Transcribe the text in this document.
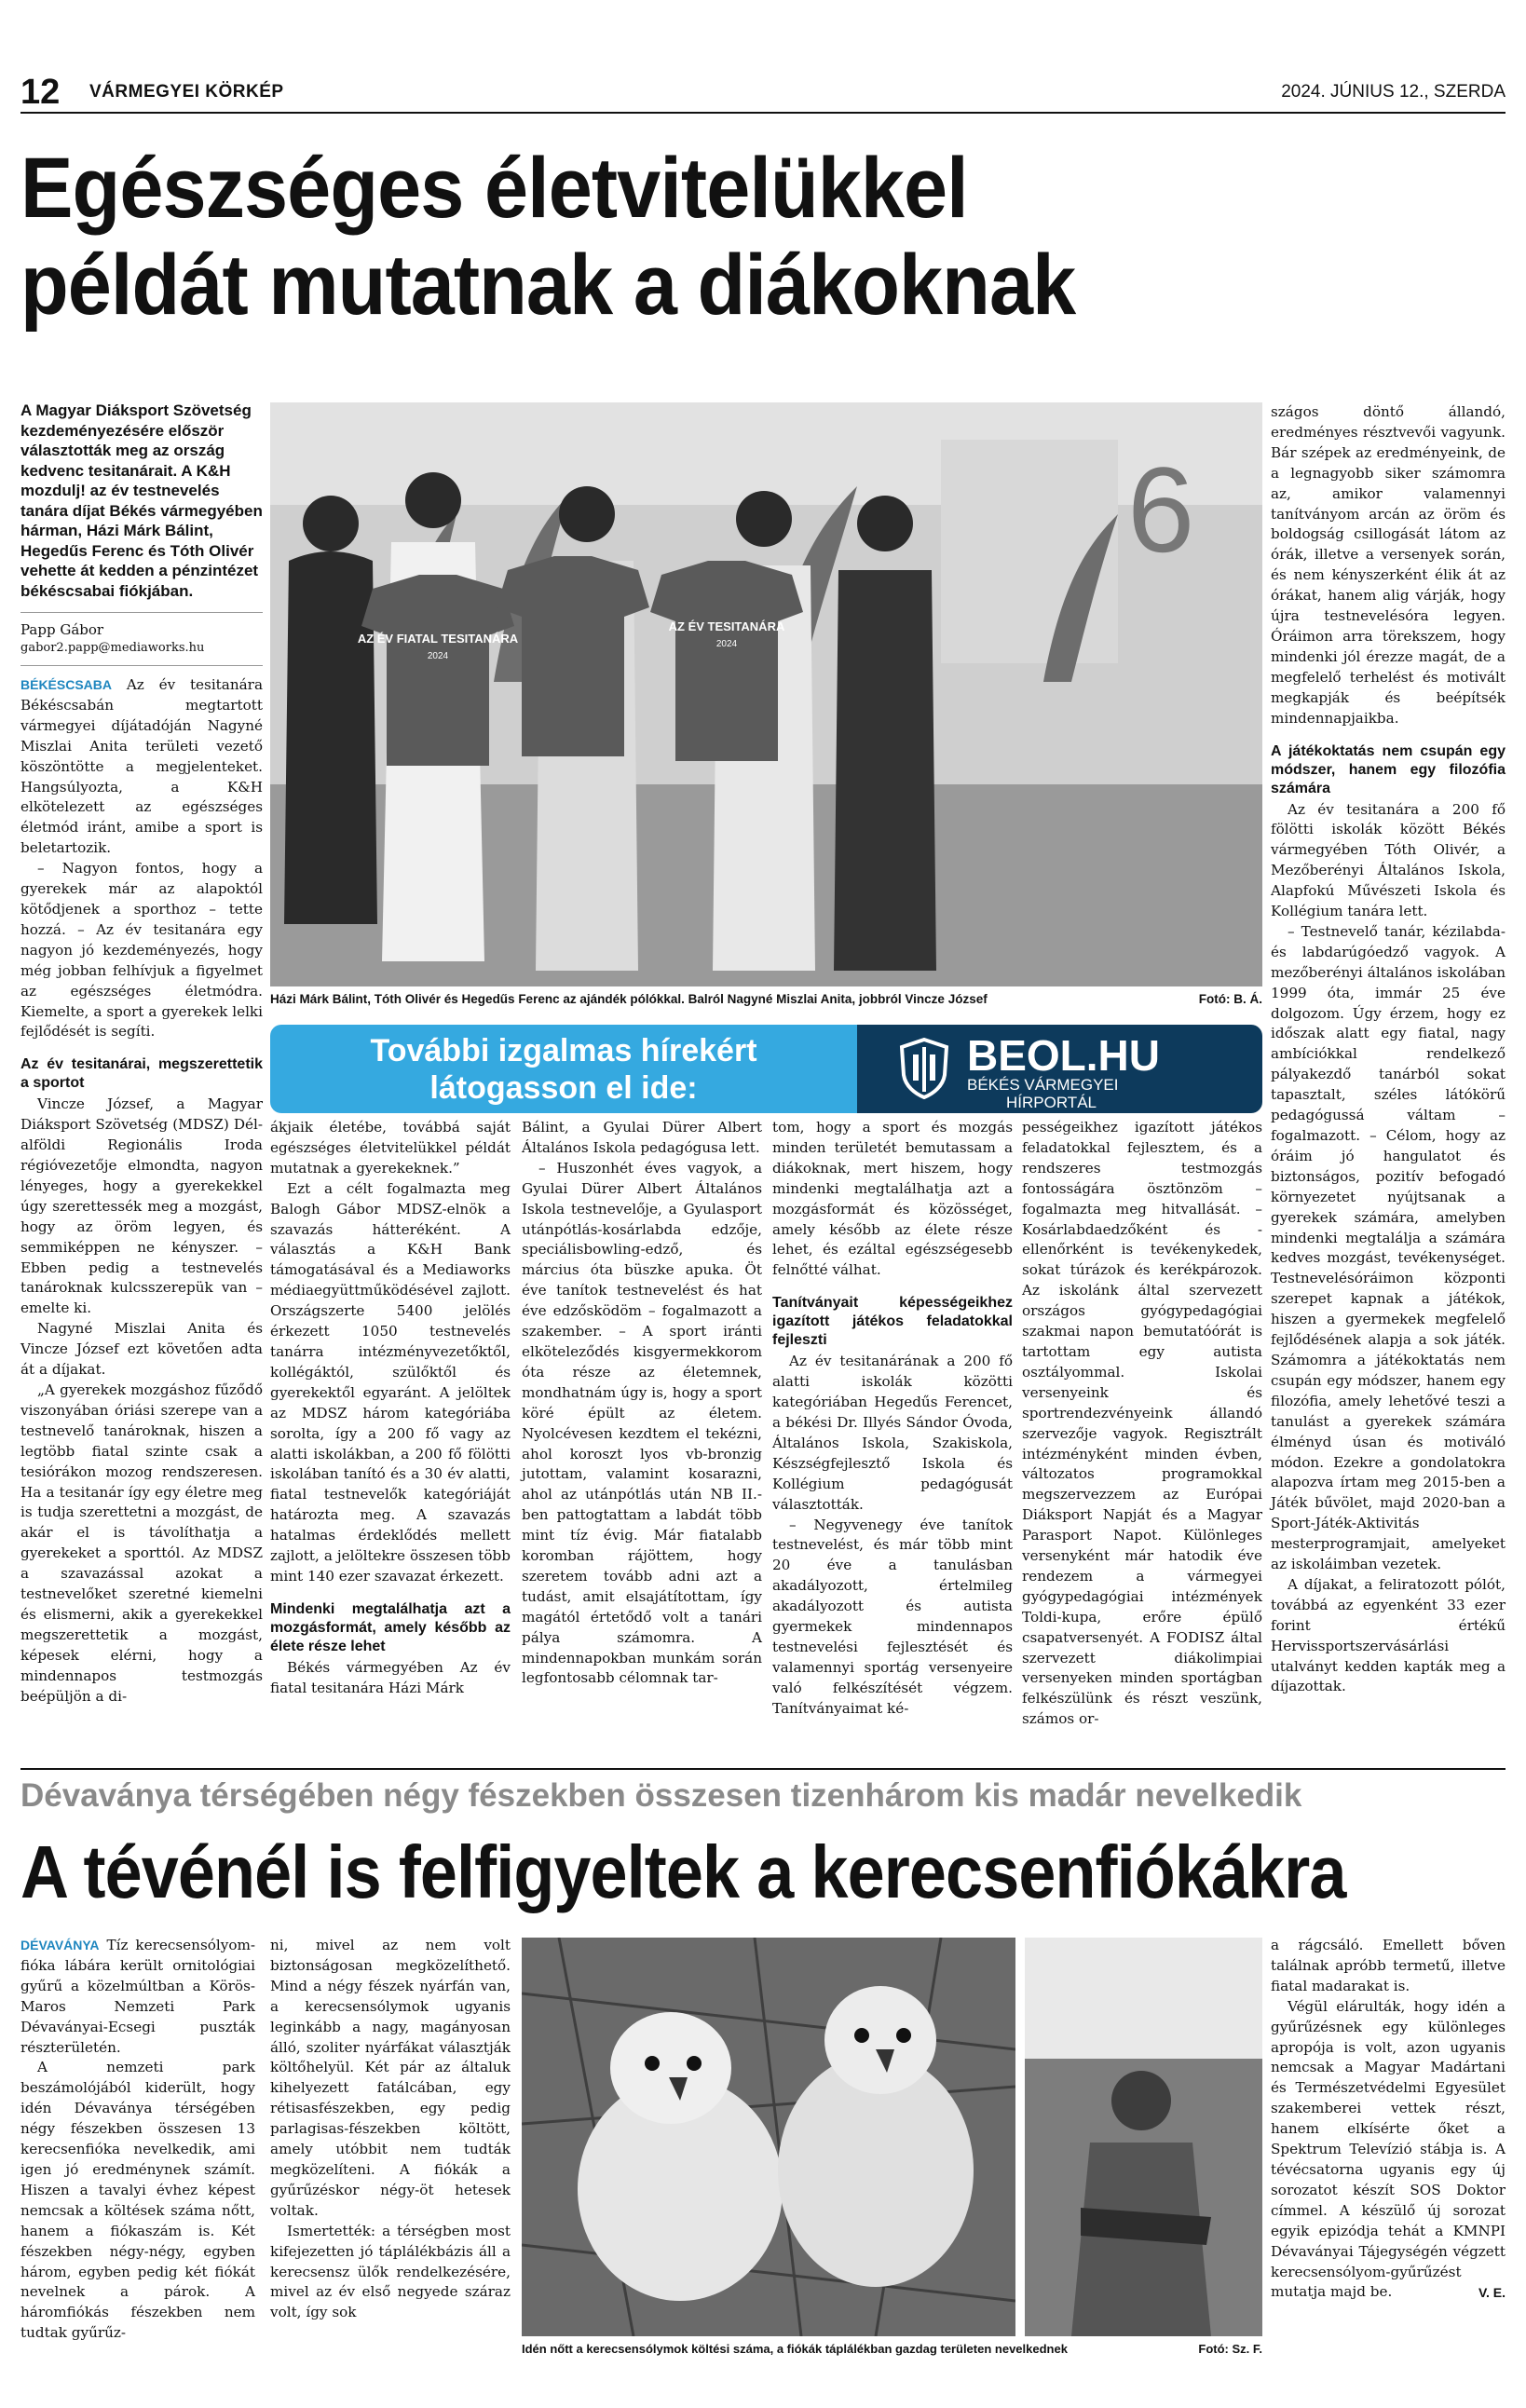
12 VÁRMEGYEI KÖRKÉP	2024. JÚNIUS 12., SZERDA
Egészséges életvitelükkel
példát mutatnak a diákoknak
A Magyar Diáksport Szövetség kezdeményezésére először választották meg az ország kedvenc tesitanárait. A K&H mozdulj! az év testnevelés tanára díjat Békés vármegyében hárman, Házi Márk Bálint, Hegedűs Ferenc és Tóth Olivér vehette át kedden a pénzintézet békéscsabai fiókjában.
Papp Gábor
gabor2.papp@mediaworks.hu

BÉKÉSCSABA Az év tesitanára Békéscsabán megtartott vármegyei díjátadóján Nagyné Miszlai Anita területi vezető köszöntötte a megjelenteket. Hangsúlyozta, a K&H elkötelezett az egészséges életmód iránt, amibe a sport is beletartozik.

– Nagyon fontos, hogy a gyerekek már az alapoktól kötődjenek a sporthoz – tette hozzá. – Az év tesitanára egy nagyon jó kezdeményezés, hogy még jobban felhívjuk a figyelmet az egészséges életmódra. Kiemelte, a sport a gyerekek lelki fejlődését is segíti.

Az év tesitanárai, megszerettetik a sportot

Vincze József, a Magyar Diáksport Szövetség (MDSZ) Dél-alföldi Regionális Iroda régióvezetője elmondta, nagyon lényeges, hogy a gyerekekkel úgy szerettessék meg a mozgást, hogy az öröm legyen, és semmiképpen ne kényszer. – Ebben pedig a testnevelés tanároknak kulcsszerepük van – emelte ki.

Nagyné Miszlai Anita és Vincze József ezt követően adta át a díjakat.

„A gyerekek mozgáshoz fűződő viszonyában óriási szerepe van a testnevelő tanároknak, hiszen a legtöbb fiatal szinte csak a tesiórákon mozog rendszeresen. Ha a tesitanár így egy életre meg is tudja szerettetni a mozgást, de akár el is távolíthatja a gyerekeket a sporttól. Az MDSZ a szavazással azokat a testnevelőket szeretné kiemelni és elismerni, akik a gyerekekkel megszerettetik a mozgást, képesek elérni, hogy a mindennapos testmozgás beépüljön a di-

6
AZ ÉV FIATAL TESITANÁRA
2024
AZ ÉV TESITANÁRA
2024
Házi Márk Bálint, Tóth Olivér és Hegedűs Ferenc az ajándék pólókkal. Balról Nagyné Miszlai Anita, jobbról Vincze József	Fotó: B. Á.
További izgalmas hírekért
látogasson el ide:
BEOL.HU
BÉKÉS VÁRMEGYEI
HÍRPORTÁL

ákjaik életébe, továbbá saját egészséges életvitelükkel példát mutatnak a gyerekeknek.”

Ezt a célt fogalmazta meg Balogh Gábor MDSZ-elnök a szavazás hátteréként. A választás a K&H Bank támogatásával és a Mediaworks médiaegyüttműködésével zajlott. Országszerte 5400 jelölés érkezett 1050 testnevelés tanárra intézményvezetőktől, kollégáktól, szülőktől és gyerekektől egyaránt. A jelöltek az MDSZ három kategóriába sorolta, így a 200 fő vagy az alatti iskolákban, a 200 fő fölötti iskolában tanító és a 30 év alatti, fiatal testnevelők kategóriáját határozta meg. A szavazás hatalmas érdeklődés mellett zajlott, a jelöltekre összesen több mint 140 ezer szavazat érkezett.

Mindenki megtalálhatja azt a mozgásformát, amely később az élete része lehet

Békés vármegyében Az év fiatal tesitanára Házi Márk

Bálint, a Gyulai Dürer Albert Általános Iskola pedagógusa lett.

– Huszonhét éves vagyok, a Gyulai Dürer Albert Általános Iskola testnevelője, a Gyulasport utánpótlás-kosárlabda edzője, speciálisbowling-edző, és március óta büszke apuka. Öt éve tanítok testnevelést és hat éve edzősködöm – fogalmazott a szakember. – A sport iránti elköteleződés kisgyermekkorom óta része az életemnek, mondhatnám úgy is, hogy a sport köré épült az életem. Nyolcévesen kezdtem el tekézni, ahol koroszt lyos vb-bronzig jutottam, valamint kosarazni, ahol az utánpótlás után NB II.-ben pattogtattam a labdát több mint tíz évig. Már fiatalabb koromban rájöttem, hogy szeretem tovább adni azt a tudást, amit elsajátítottam, így magától értetődő volt a tanári pálya számomra. A mindennapokban munkám során legfontosabb célomnak tar-

tom, hogy a sport és mozgás minden területét bemutassam a diákoknak, mert hiszem, hogy mindenki megtalálhatja azt a mozgásformát és közösséget, amely később az élete része lehet, és ezáltal egészségesebb felnőtté válhat.

Tanítványait képességeikhez igazított játékos feladatokkal fejleszti

Az év tesitanárának a 200 fő alatti iskolák közötti kategóriában Hegedűs Ferencet, a békési Dr. Illyés Sándor Óvoda, Általános Iskola, Szakiskola, Készségfejlesztő Iskola és Kollégium pedagógusát választották.

– Negyvenegy éve tanítok testnevelést, és már több mint 20 éve a tanulásban akadályozott, értelmileg akadályozott és autista gyermekek mindennapos testnevelési fejlesztését és valamennyi sportág versenyeire való felkészítését végzem. Tanítványaimat ké-

pességeikhez igazított játékos feladatokkal fejlesztem, és a rendszeres testmozgás fontosságára ösztönzöm – fogalmazta meg hitvallását. – Kosárlabdaedzőként és -ellenőrként is tevékenykedek, sokat túrázok és kerékpározok. Az iskolánk által szervezett országos gyógypedagógiai szakmai napon bemutatóórát is tartottam egy autista osztályommal. Iskolai versenyeink és sportrendezvényeink állandó szervezője vagyok. Regisztrált intézményként minden évben, változatos programokkal megszervezzem az Európai Diáksport Napját és a Magyar Parasport Napot. Különleges versenyként már hatodik éve rendezem a vármegyei gyógypedagógiai intézmények Toldi-kupa, erőre épülő csapatversenyét. A FODISZ által szervezett diákolimpiai versenyeken minden sportágban felkészülünk és részt veszünk, számos or-

szágos döntő állandó, eredményes résztvevői vagyunk. Bár szépek az eredményeink, de a legnagyobb siker számomra az, amikor valamennyi tanítványom arcán az öröm és boldogság csillogását látom az órák, illetve a versenyek során, és nem kényszerként élik át az órákat, hanem alig várják, hogy újra testnevelésóra legyen. Óráimon arra törekszem, hogy mindenki jól érezze magát, de a megfelelő terhelést és motivált megkapják és beépítsék mindennapjaikba.

A játékoktatás nem csupán egy módszer, hanem egy filozófia számára

Az év tesitanára a 200 fő fölötti iskolák között Békés vármegyében Tóth Olivér, a Mezőberényi Általános Iskola, Alapfokú Művészeti Iskola és Kollégium tanára lett.

– Testnevelő tanár, kézilabda- és labdarúgóedző vagyok. A mezőberényi általános iskolában 1999 óta, immár 25 éve dolgozom. Úgy érzem, hogy ez időszak alatt egy fiatal, nagy ambíciókkal rendelkező pályakezdő tanárból sokat tapasztalt, széles látókörű pedagógussá váltam – fogalmazott. – Célom, hogy az óráim jó hangulatot és biztonságos, pozitív befogadó környezetet nyújtsanak a gyerekek számára, amelyben mindenki megtalálja a számára kedves mozgást, tevékenységet. Testnevelésóráimon központi szerepet kapnak a játékok, hiszen a gyermekek megfelelő fejlődésének alapja a sok játék. Számomra a játékoktatás nem csupán egy módszer, hanem egy filozófia, amely lehetővé teszi a tanulást a gyerekek számára élményd úsan és motiváló módon. Ezekre a gondolatokra alapozva írtam meg 2015-ben a Játék bűvölet, majd 2020-ban a Sport-Játék-Aktivitás mesterprogramjait, amelyeket az iskoláimban vezetek.

A díjakat, a feliratozott pólót, továbbá az egyenként 33 ezer forint értékű Hervissportszervásárlási utalványt kedden kapták meg a díjazottak.

Dévaványa térségében négy fészekben összesen tizenhárom kis madár nevelkedik
A tévénél is felfigyeltek a kerecsenfiókákra

DÉVAVÁNYA Tíz kerecsensólyom-fióka lábára került ornitológiai gyűrű a közelmúltban a Körös-Maros Nemzeti Park Dévaványai-Ecsegi puszták részterületén.

A nemzeti park beszámolójából kiderült, hogy idén Dévaványa térségében négy fészekben összesen 13 kerecsenfióka nevelkedik, ami igen jó eredménynek számít. Hiszen a tavalyi évhez képest nemcsak a költések száma nőtt, hanem a fiókaszám is. Két fészekben négy-négy, egyben három, egyben pedig két fiókát nevelnek a párok. A háromfiókás fészekben nem tudtak gyűrűz-

ni, mivel az nem volt biztonságosan megközelíthető. Mind a négy fészek nyárfán van, a kerecsensólymok ugyanis leginkább a nagy, magányosan álló, szoliter nyárfákat választják költőhelyül. Két pár az általuk kihelyezett fatálcában, egy rétisasfészekben, egy pedig parlagisas-fészekben költött, amely utóbbit nem tudták megközelíteni. A fiókák a gyűrűzéskor négy-öt hetesek voltak.

Ismertették: a térségben most kifejezetten jó táplálékbázis áll a kerecsensz ülők rendelkezésére, mivel az év első negyede száraz volt, így sok

Idén nőtt a kerecsensólymok költési száma, a fiókák táplálékban gazdag területen nevelkednek	Fotó: Sz. F.

a rágcsáló. Emellett bőven találnak apróbb termetű, illetve fiatal madarakat is.

Végül elárulták, hogy idén a gyűrűzésnek egy különleges apropója is volt, azon ugyanis nemcsak a Magyar Madártani és Természetvédelmi Egyesület szakemberei vettek részt, hanem elkísérte őket a Spektrum Televízió stábja is. A tévécsatorna ugyanis egy új sorozatot készít SOS Doktor címmel. A készülő új sorozat egyik epizódja tehát a KMNPI Dévaványai Tájegységén végzett kerecsensólyom-gyűrűzést mutatja majd be.	V. E.
